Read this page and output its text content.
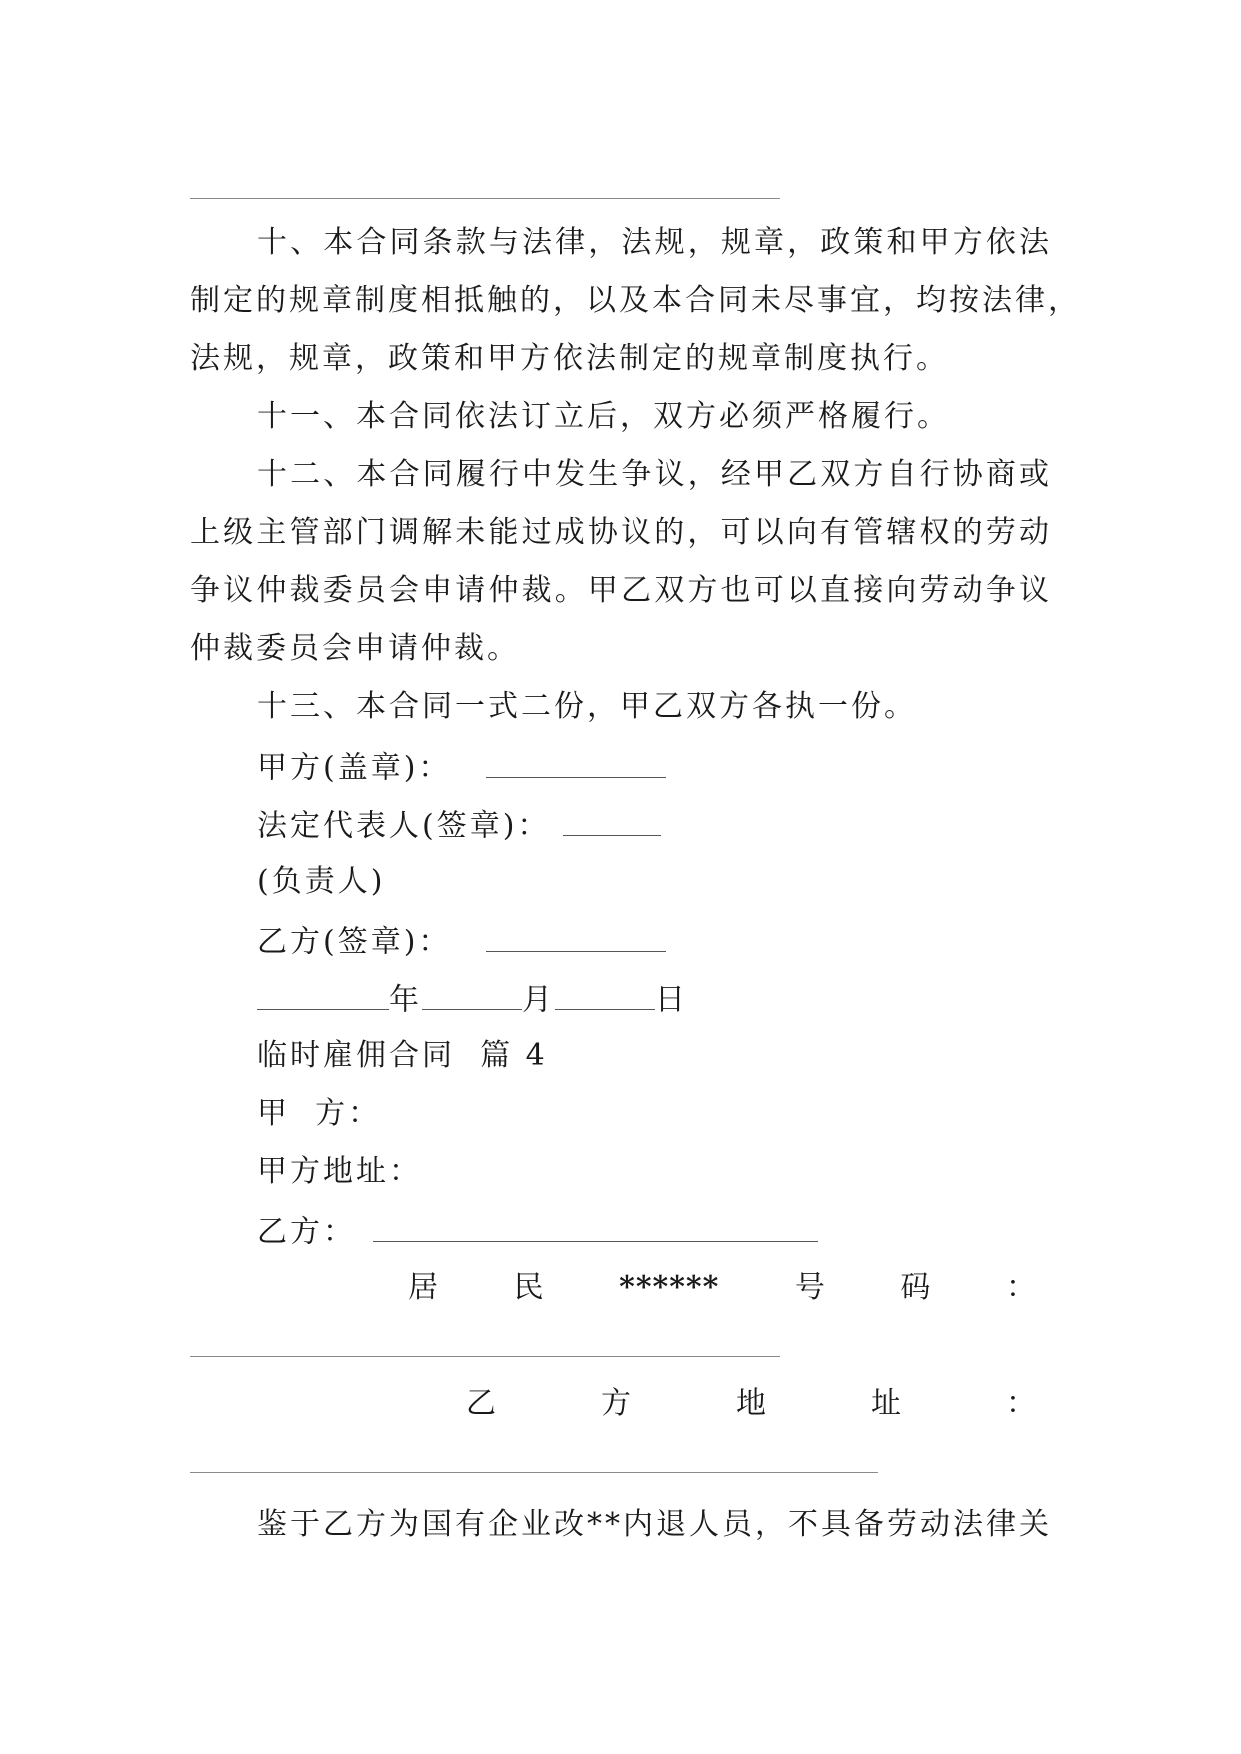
十、本合同条款与法律，法规，规章，政策和甲方依法
制定的规章制度相抵触的，以及本合同未尽事宜，均按法律，
法规，规章，政策和甲方依法制定的规章制度执行。
十一、本合同依法订立后，双方必须严格履行。
十二、本合同履行中发生争议，经甲乙双方自行协商或
上级主管部门调解未能过成协议的，可以向有管辖权的劳动
争议仲裁委员会申请仲裁。甲乙双方也可以直接向劳动争议
仲裁委员会申请仲裁。
十三、本合同一式二份，甲乙双方各执一份。
甲方(盖章)：
法定代表人(签章)：
(负责人)
乙方(签章)：
年	月	日
临时雇佣合同  篇 4
甲  方：
甲方地址：
乙方：
居	民	******	号	码	：
乙	方	地	址	：
鉴于乙方为国有企业改**内退人员，不具备劳动法律关
